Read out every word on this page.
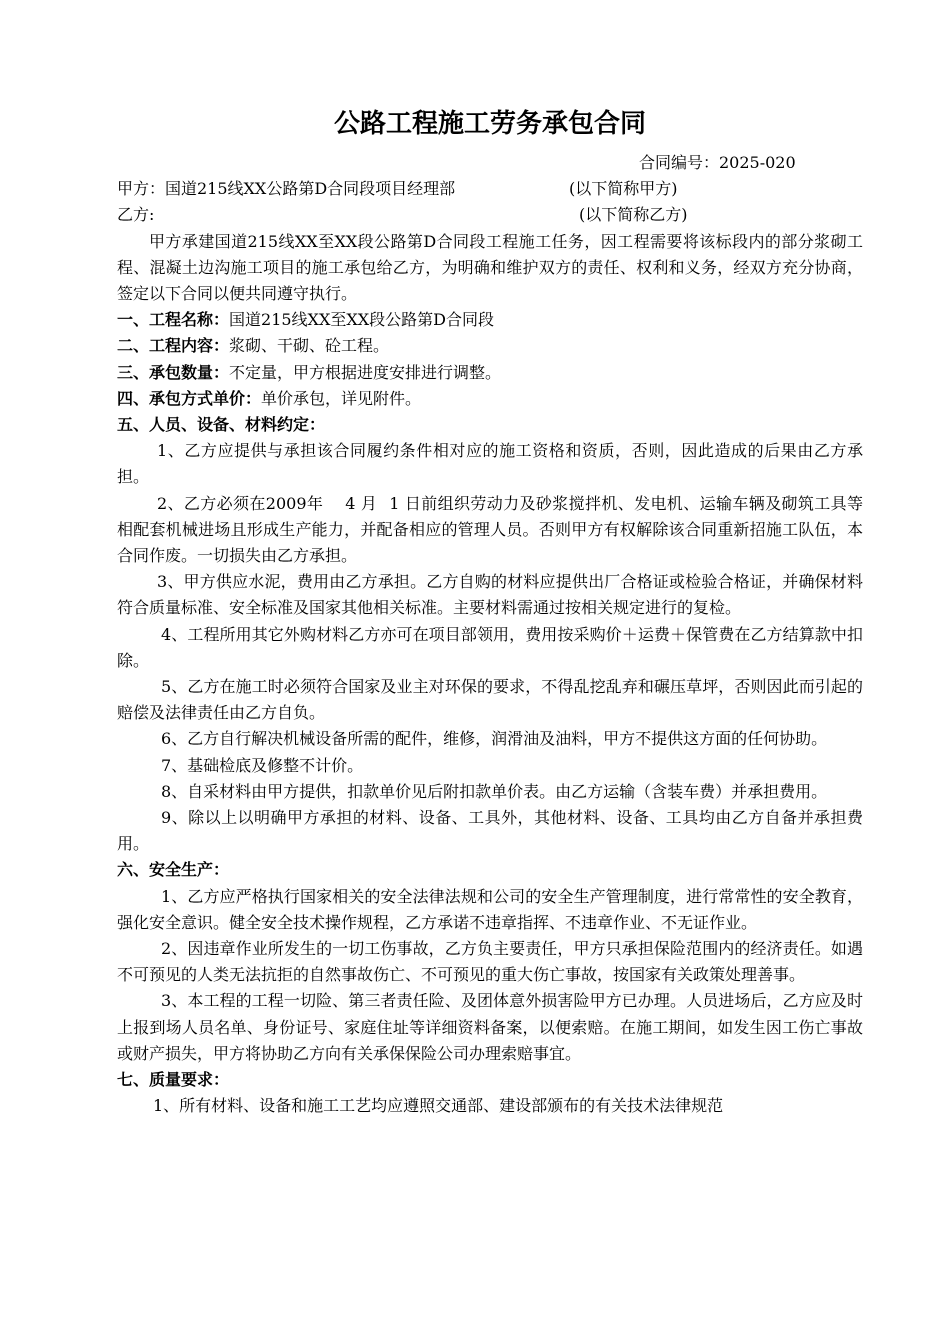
公路工程施工劳务承包合同
合同编号：2025-020
甲方：国道215线XX公路第D合同段项目经理部	(以下简称甲方)
乙方:	(以下简称乙方)
甲方承建国道215线XX至XX段公路第D合同段工程施工任务，因工程需要将该标段内的部分浆砌工程、混凝土边沟施工项目的施工承包给乙方，为明确和维护双方的责任、权利和义务，经双方充分协商，签定以下合同以便共同遵守执行。
一、工程名称：国道215线XX至XX段公路第D合同段
二、工程内容：浆砌、干砌、砼工程。
三、承包数量：不定量，甲方根据进度安排进行调整。
四、承包方式单价：单价承包，详见附件。
五、人员、设备、材料约定：
1、乙方应提供与承担该合同履约条件相对应的施工资格和资质，否则，因此造成的后果由乙方承担。
2、乙方必须在2009年 4 月 1 日前组织劳动力及砂浆搅拌机、发电机、运输车辆及砌筑工具等相配套机械进场且形成生产能力，并配备相应的管理人员。否则甲方有权解除该合同重新招施工队伍，本合同作废。一切损失由乙方承担。
3、甲方供应水泥，费用由乙方承担。乙方自购的材料应提供出厂合格证或检验合格证，并确保材料符合质量标准、安全标准及国家其他相关标准。主要材料需通过按相关规定进行的复检。
4、工程所用其它外购材料乙方亦可在项目部领用，费用按采购价＋运费＋保管费在乙方结算款中扣除。
5、乙方在施工时必须符合国家及业主对环保的要求，不得乱挖乱弃和碾压草坪，否则因此而引起的赔偿及法律责任由乙方自负。
6、乙方自行解决机械设备所需的配件，维修，润滑油及油料，甲方不提供这方面的任何协助。
7、基础检底及修整不计价。
8、自采材料由甲方提供，扣款单价见后附扣款单价表。由乙方运输（含装车费）并承担费用。
9、除以上以明确甲方承担的材料、设备、工具外，其他材料、设备、工具均由乙方自备并承担费用。
六、安全生产：
1、乙方应严格执行国家相关的安全法律法规和公司的安全生产管理制度，进行常常性的安全教育，强化安全意识。健全安全技术操作规程，乙方承诺不违章指挥、不违章作业、不无证作业。
2、因违章作业所发生的一切工伤事故，乙方负主要责任，甲方只承担保险范围内的经济责任。如遇不可预见的人类无法抗拒的自然事故伤亡、不可预见的重大伤亡事故，按国家有关政策处理善事。
3、本工程的工程一切险、第三者责任险、及团体意外损害险甲方已办理。人员进场后，乙方应及时上报到场人员名单、身份证号、家庭住址等详细资料备案，以便索赔。在施工期间，如发生因工伤亡事故或财产损失，甲方将协助乙方向有关承保保险公司办理索赔事宜。
七、质量要求：
1、所有材料、设备和施工工艺均应遵照交通部、建设部颁布的有关技术法律规范
